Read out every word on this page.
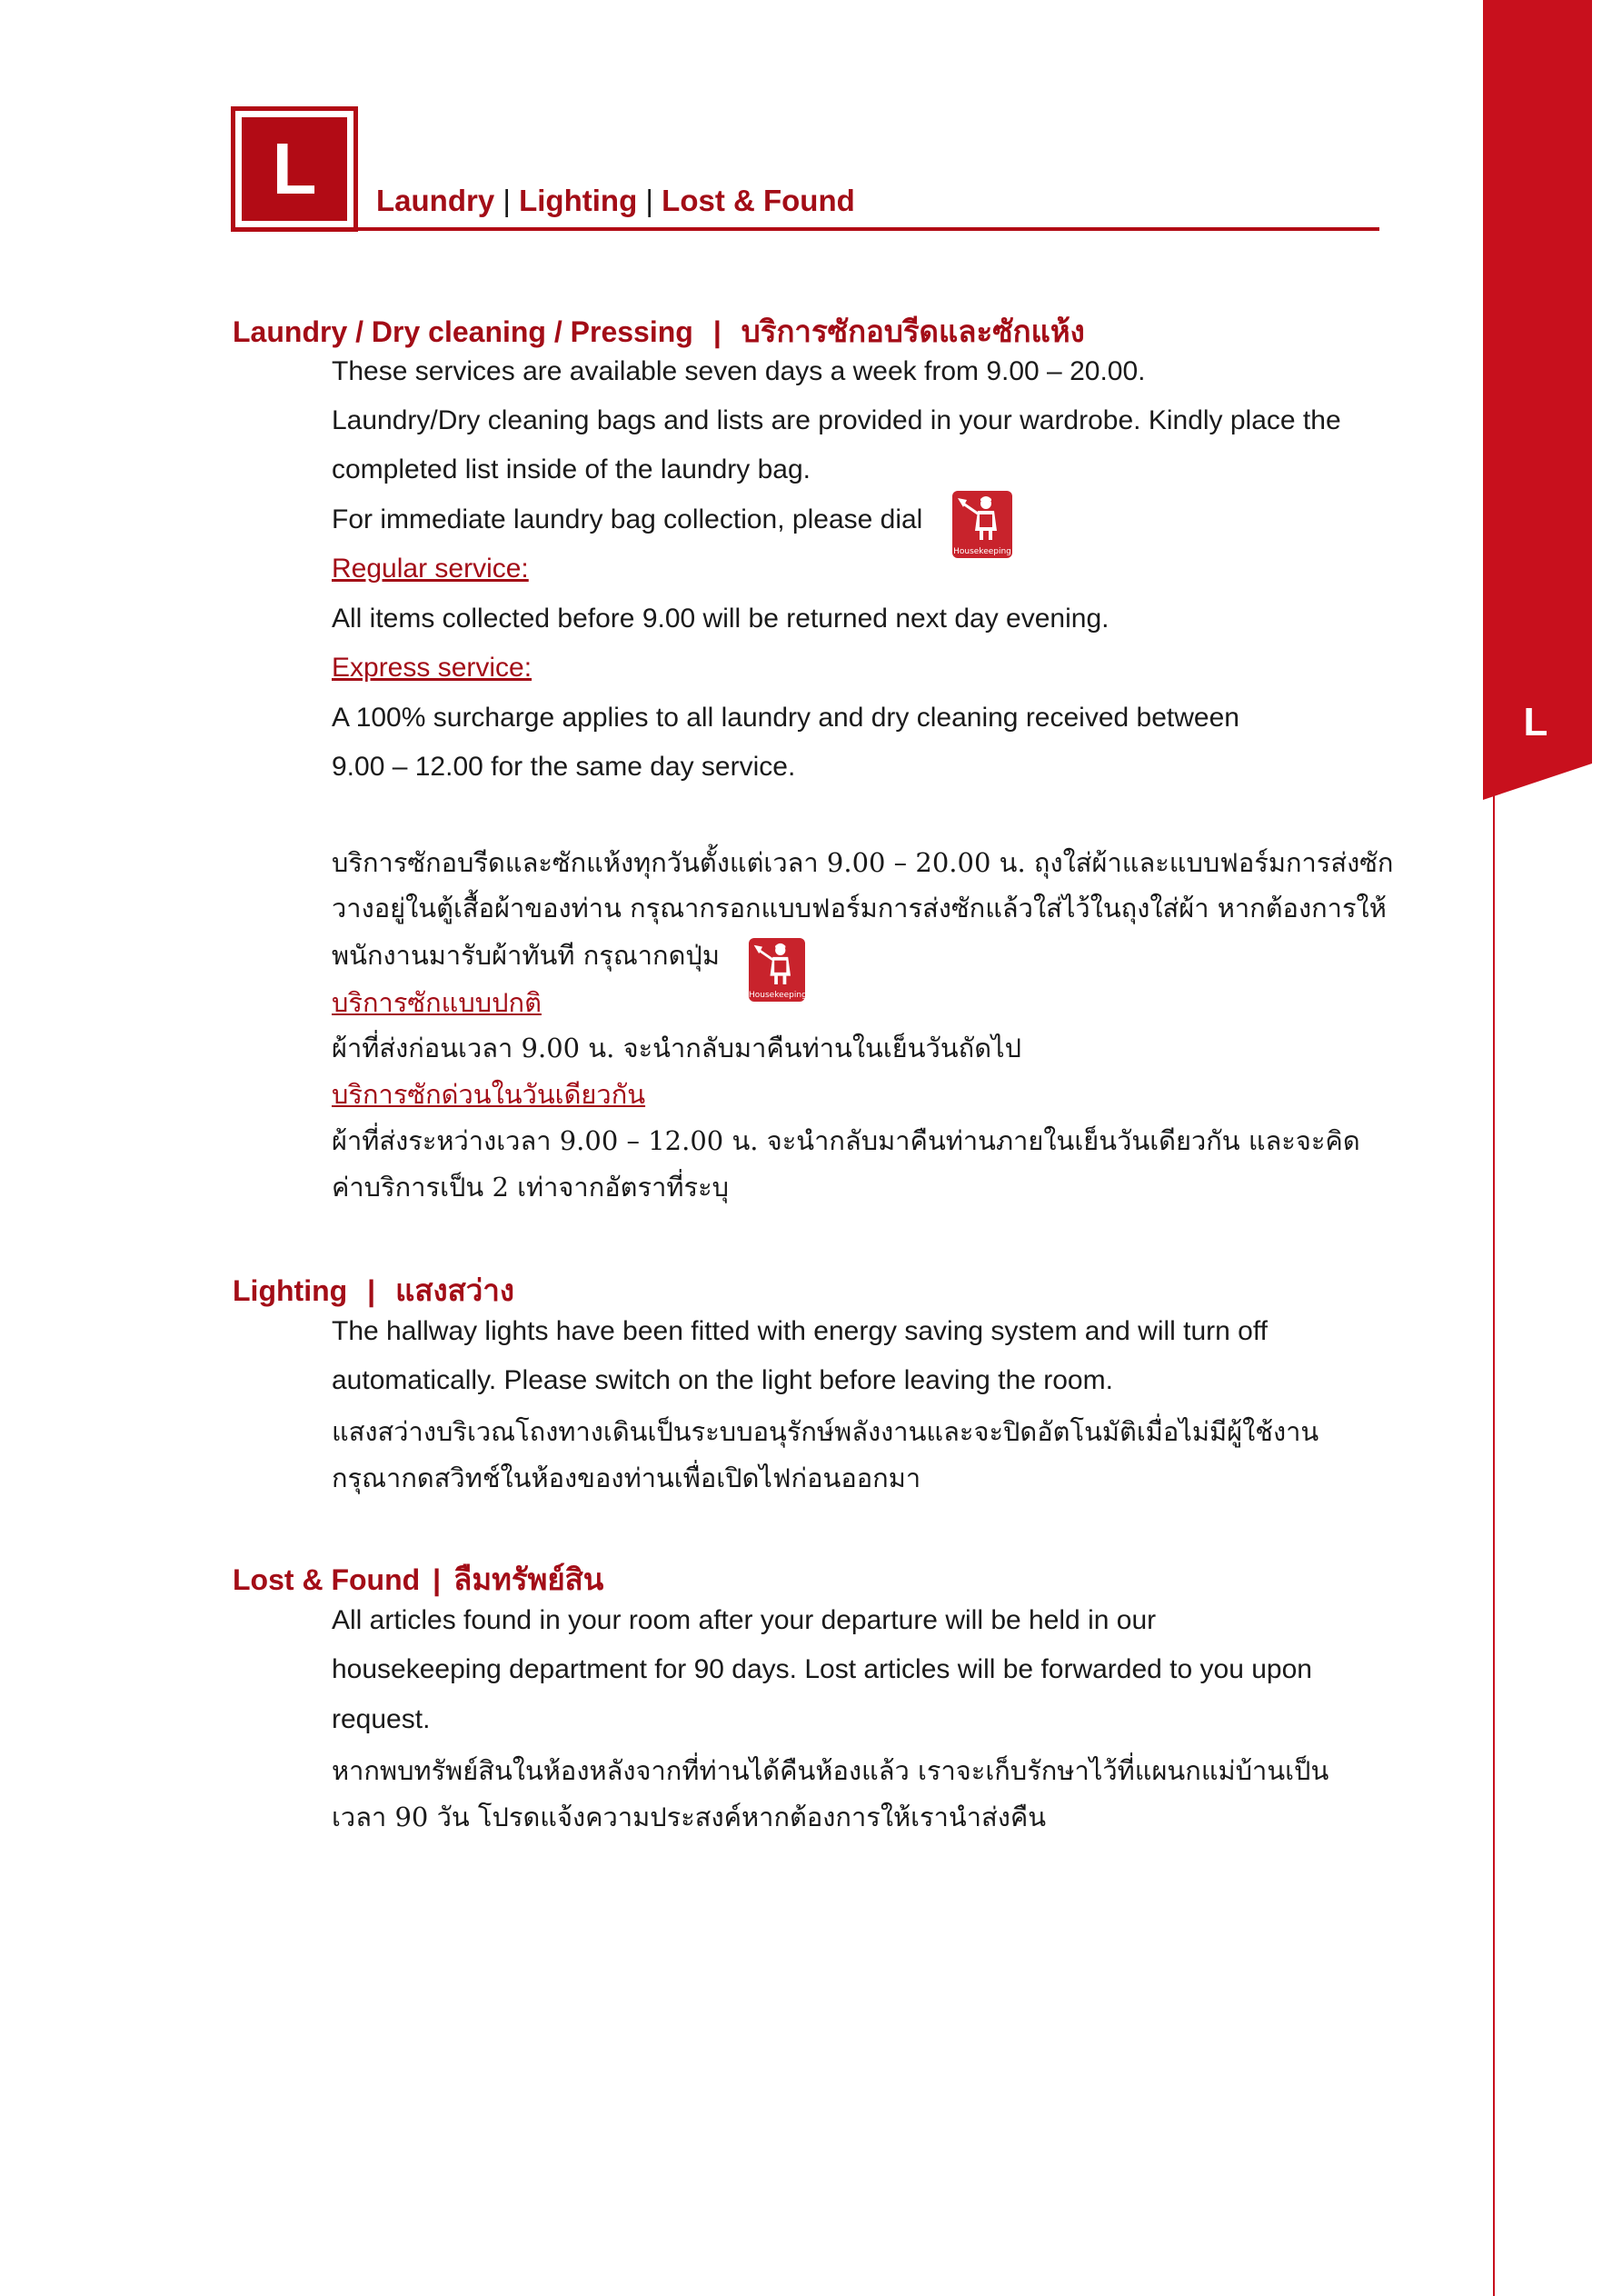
L
L	Laundry | Lighting | Lost & Found
Laundry / Dry cleaning / Pressing | บริการซักอบรีดและซักแห้ง
These services are available seven days a week from 9.00 – 20.00.
Laundry/Dry cleaning bags and lists are provided in your wardrobe. Kindly place the
completed list inside of the laundry bag.
For immediate laundry bag collection, please dial
Housekeeping
Regular service:
All items collected before 9.00 will be returned next day evening.
Express service:
A 100% surcharge applies to all laundry and dry cleaning received between
9.00 – 12.00 for the same day service.
บริการซักอบรีดและซักแห้งทุกวันตั้งแต่เวลา 9.00 – 20.00 น. ถุงใส่ผ้าและแบบฟอร์มการส่งซัก
วางอยู่ในตู้เสื้อผ้าของท่าน กรุณากรอกแบบฟอร์มการส่งซักแล้วใส่ไว้ในถุงใส่ผ้า หากต้องการให้
พนักงานมารับผ้าทันที กรุณากดปุ่ม
Housekeeping
บริการซักแบบปกติ
ผ้าที่ส่งก่อนเวลา 9.00 น. จะนำกลับมาคืนท่านในเย็นวันถัดไป
บริการซักด่วนในวันเดียวกัน
ผ้าที่ส่งระหว่างเวลา 9.00 – 12.00 น. จะนำกลับมาคืนท่านภายในเย็นวันเดียวกัน และจะคิด
ค่าบริการเป็น 2 เท่าจากอัตราที่ระบุ
Lighting | แสงสว่าง
The hallway lights have been fitted with energy saving system and will turn off
automatically. Please switch on the light before leaving the room.
แสงสว่างบริเวณโถงทางเดินเป็นระบบอนุรักษ์พลังงานและจะปิดอัตโนมัติเมื่อไม่มีผู้ใช้งาน
กรุณากดสวิทช์ในห้องของท่านเพื่อเปิดไฟก่อนออกมา
Lost & Found | ลืมทรัพย์สิน
All articles found in your room after your departure will be held in our
housekeeping department for 90 days. Lost articles will be forwarded to you upon
request.
หากพบทรัพย์สินในห้องหลังจากที่ท่านได้คืนห้องแล้ว เราจะเก็บรักษาไว้ที่แผนกแม่บ้านเป็น
เวลา 90 วัน โปรดแจ้งความประสงค์หากต้องการให้เรานำส่งคืน
